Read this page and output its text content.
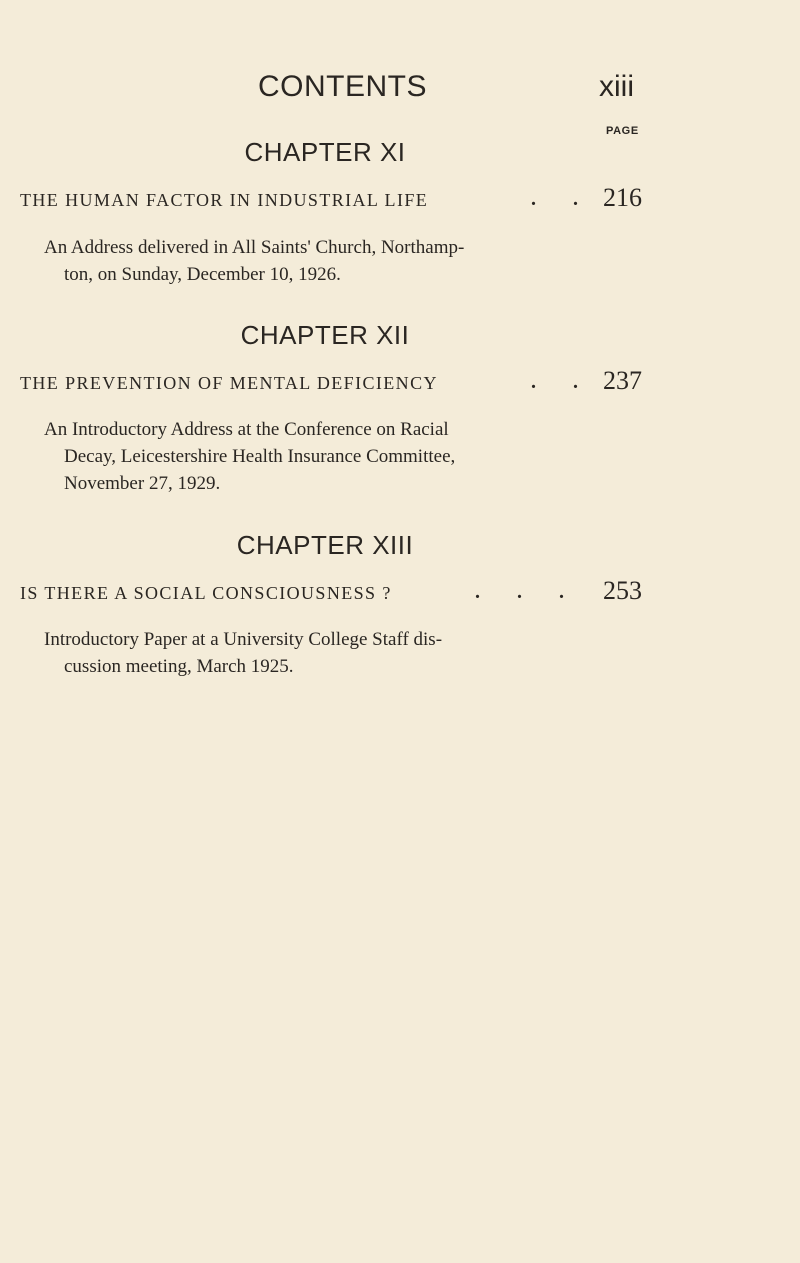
CONTENTS	xiii
PAGE
CHAPTER XI
THE HUMAN FACTOR IN INDUSTRIAL LIFE	. . 216
An Address delivered in All Saints' Church, Northamp-
ton, on Sunday, December 10, 1926.
CHAPTER XII
THE PREVENTION OF MENTAL DEFICIENCY	. . 237
An Introductory Address at the Conference on Racial
Decay, Leicestershire Health Insurance Committee,
November 27, 1929.
CHAPTER XIII
IS THERE A SOCIAL CONSCIOUSNESS ?	. . . 253
Introductory Paper at a University College Staff dis-
cussion meeting, March 1925.
